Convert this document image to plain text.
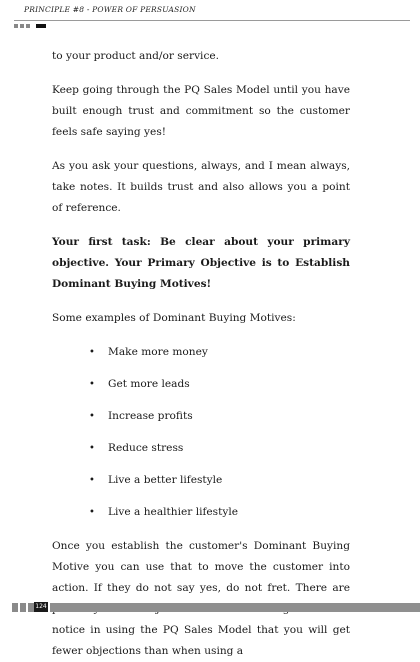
PRINCIPLE #8 - POWER OF PERSUASION

to your product and/or service.

Keep going through the PQ Sales Model until you have built enough trust and commitment so the customer feels safe saying yes!

As you ask your questions, always, and I mean always, take notes. It builds trust and also allows you a point of reference.

Your first task: Be clear about your primary objective. Your Primary Objective is to Establish Dominant Buying Motives!

Some examples of Dominant Buying Motives:

• Make more money
• Get more leads
• Increase profits
• Reduce stress
• Live a better lifestyle
• Live a healthier lifestyle

Once you establish the customer's Dominant Buying Motive you can use that to move the customer into action. If they do not say yes, do not fret. There are notice in using the PQ Sales Model that you will get fewer objections than when using a

124
